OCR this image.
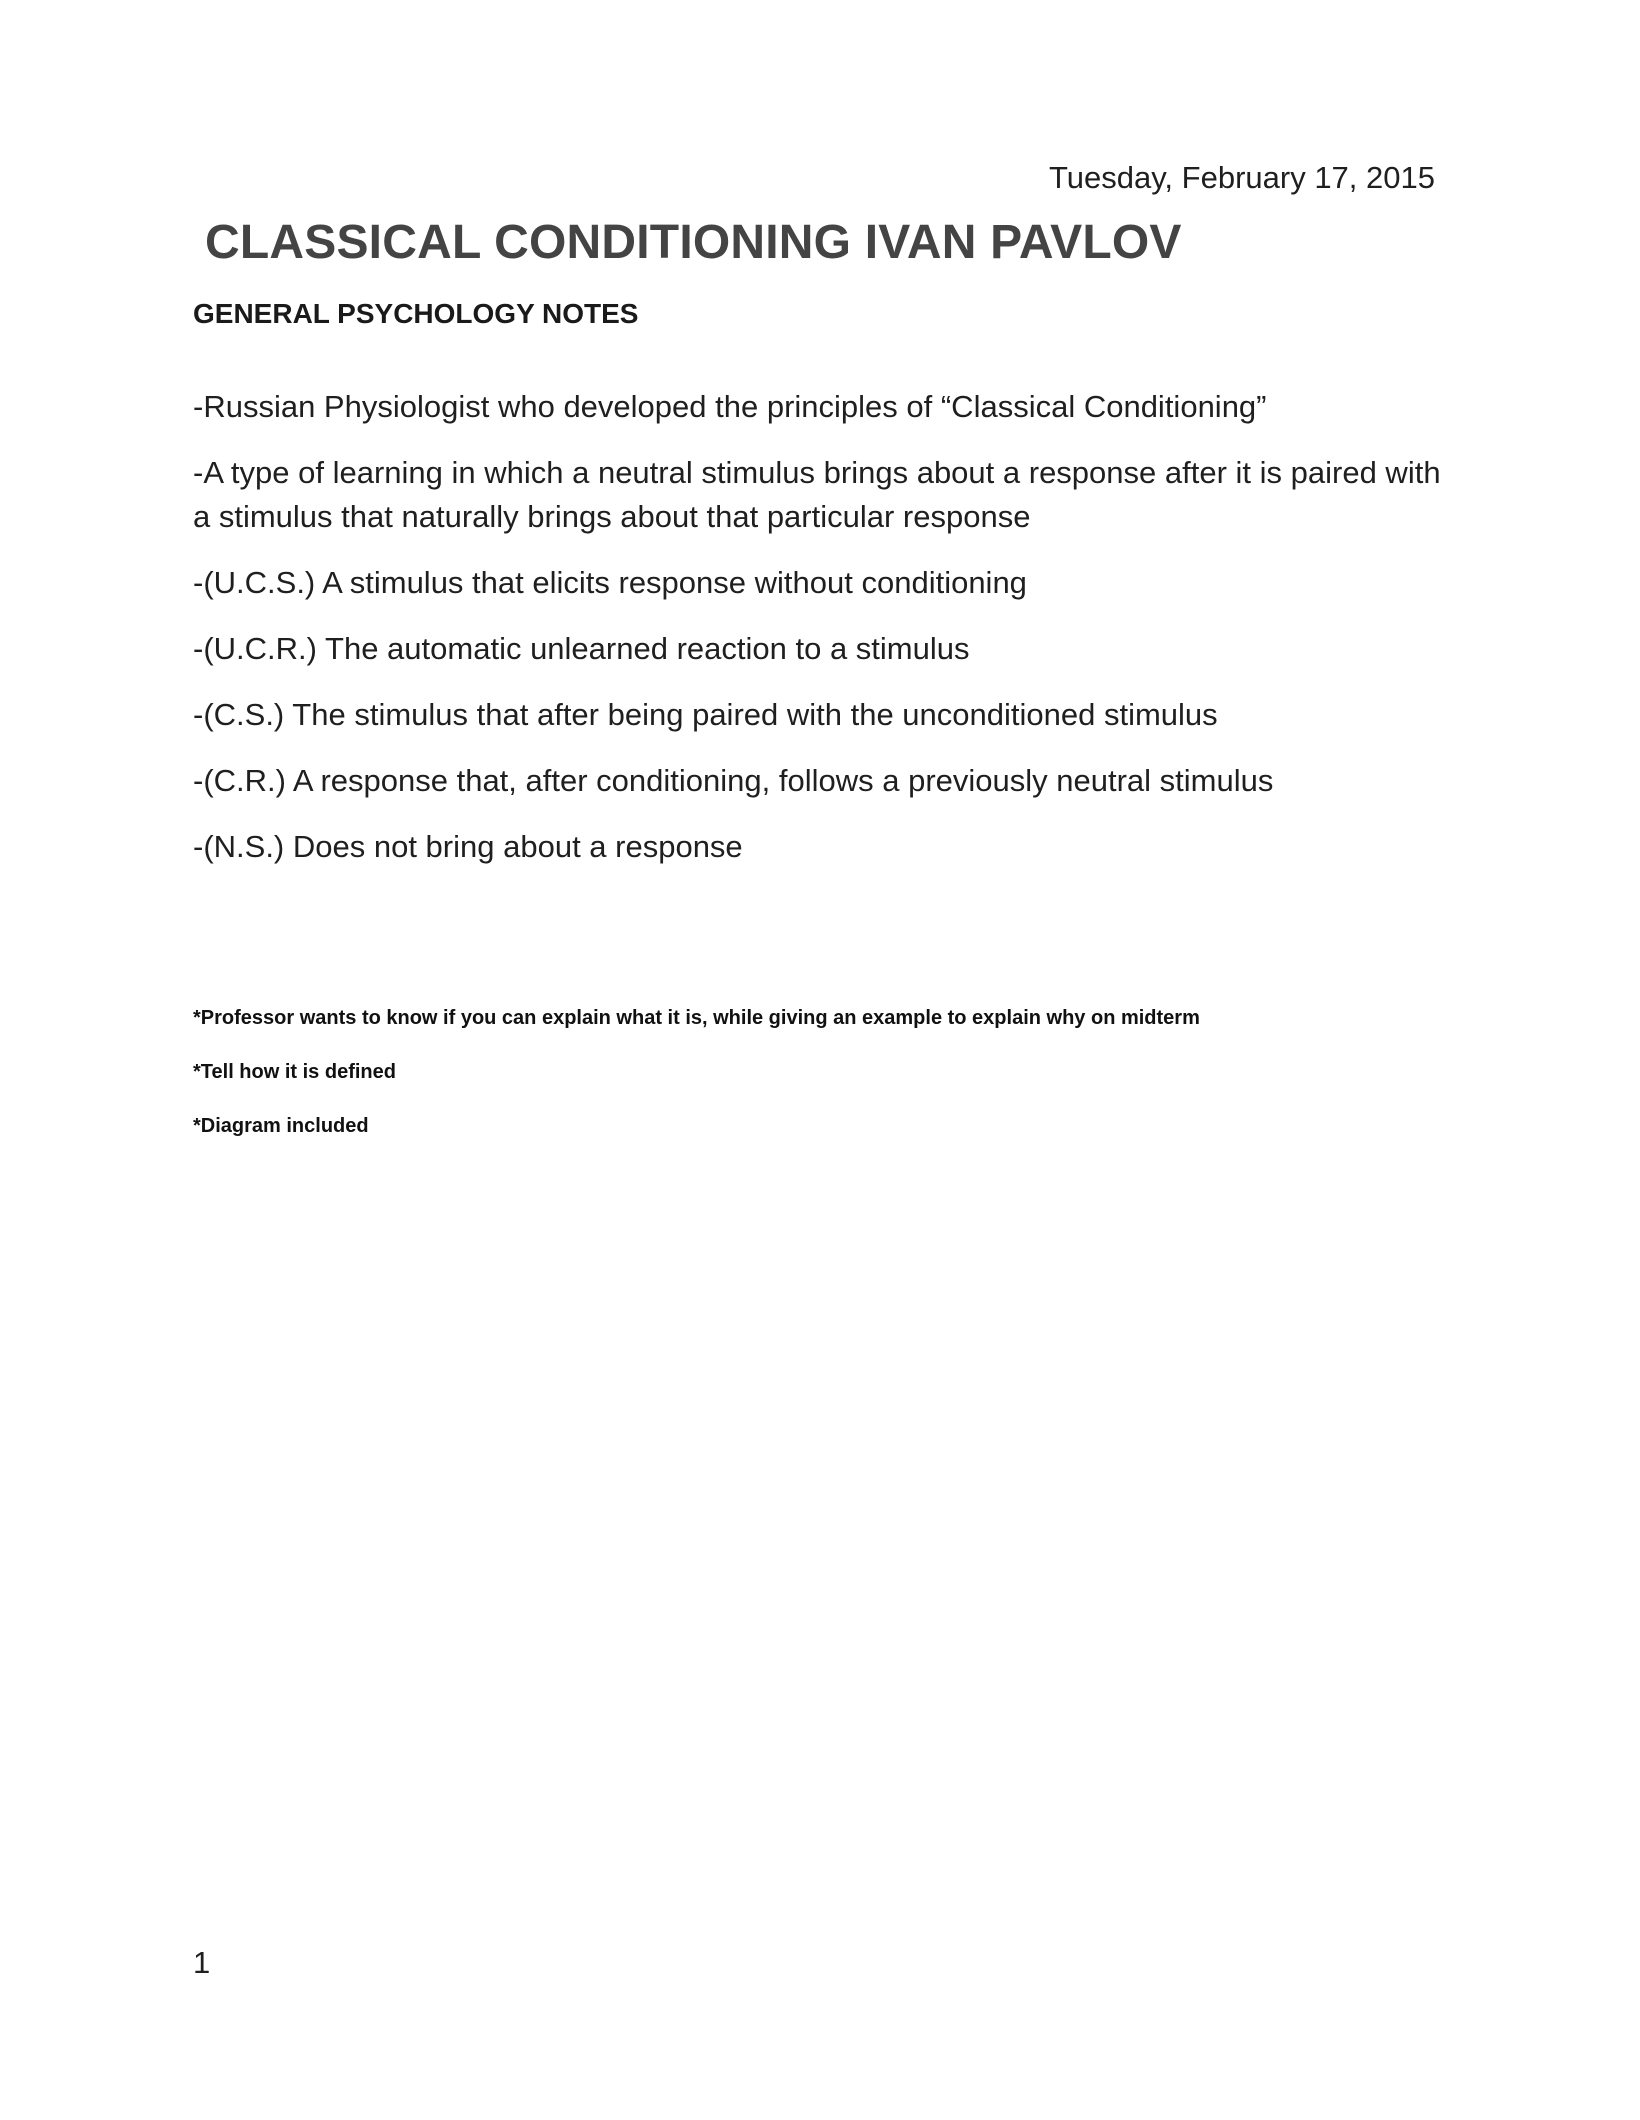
Tuesday, February 17, 2015
CLASSICAL CONDITIONING IVAN PAVLOV
GENERAL PSYCHOLOGY NOTES
-Russian Physiologist who developed the principles of “Classical Conditioning”
-A type of learning in which a neutral stimulus brings about a response after it is paired with a stimulus that naturally brings about that particular response
-(U.C.S.) A stimulus that elicits response without conditioning
-(U.C.R.) The automatic unlearned reaction to a stimulus
-(C.S.) The stimulus that after being paired with the unconditioned stimulus
-(C.R.) A response that, after conditioning, follows a previously neutral stimulus
-(N.S.) Does not bring about a response
*Professor wants to know if you can explain what it is, while giving an example to explain why on midterm
*Tell how it is defined
*Diagram included
1
